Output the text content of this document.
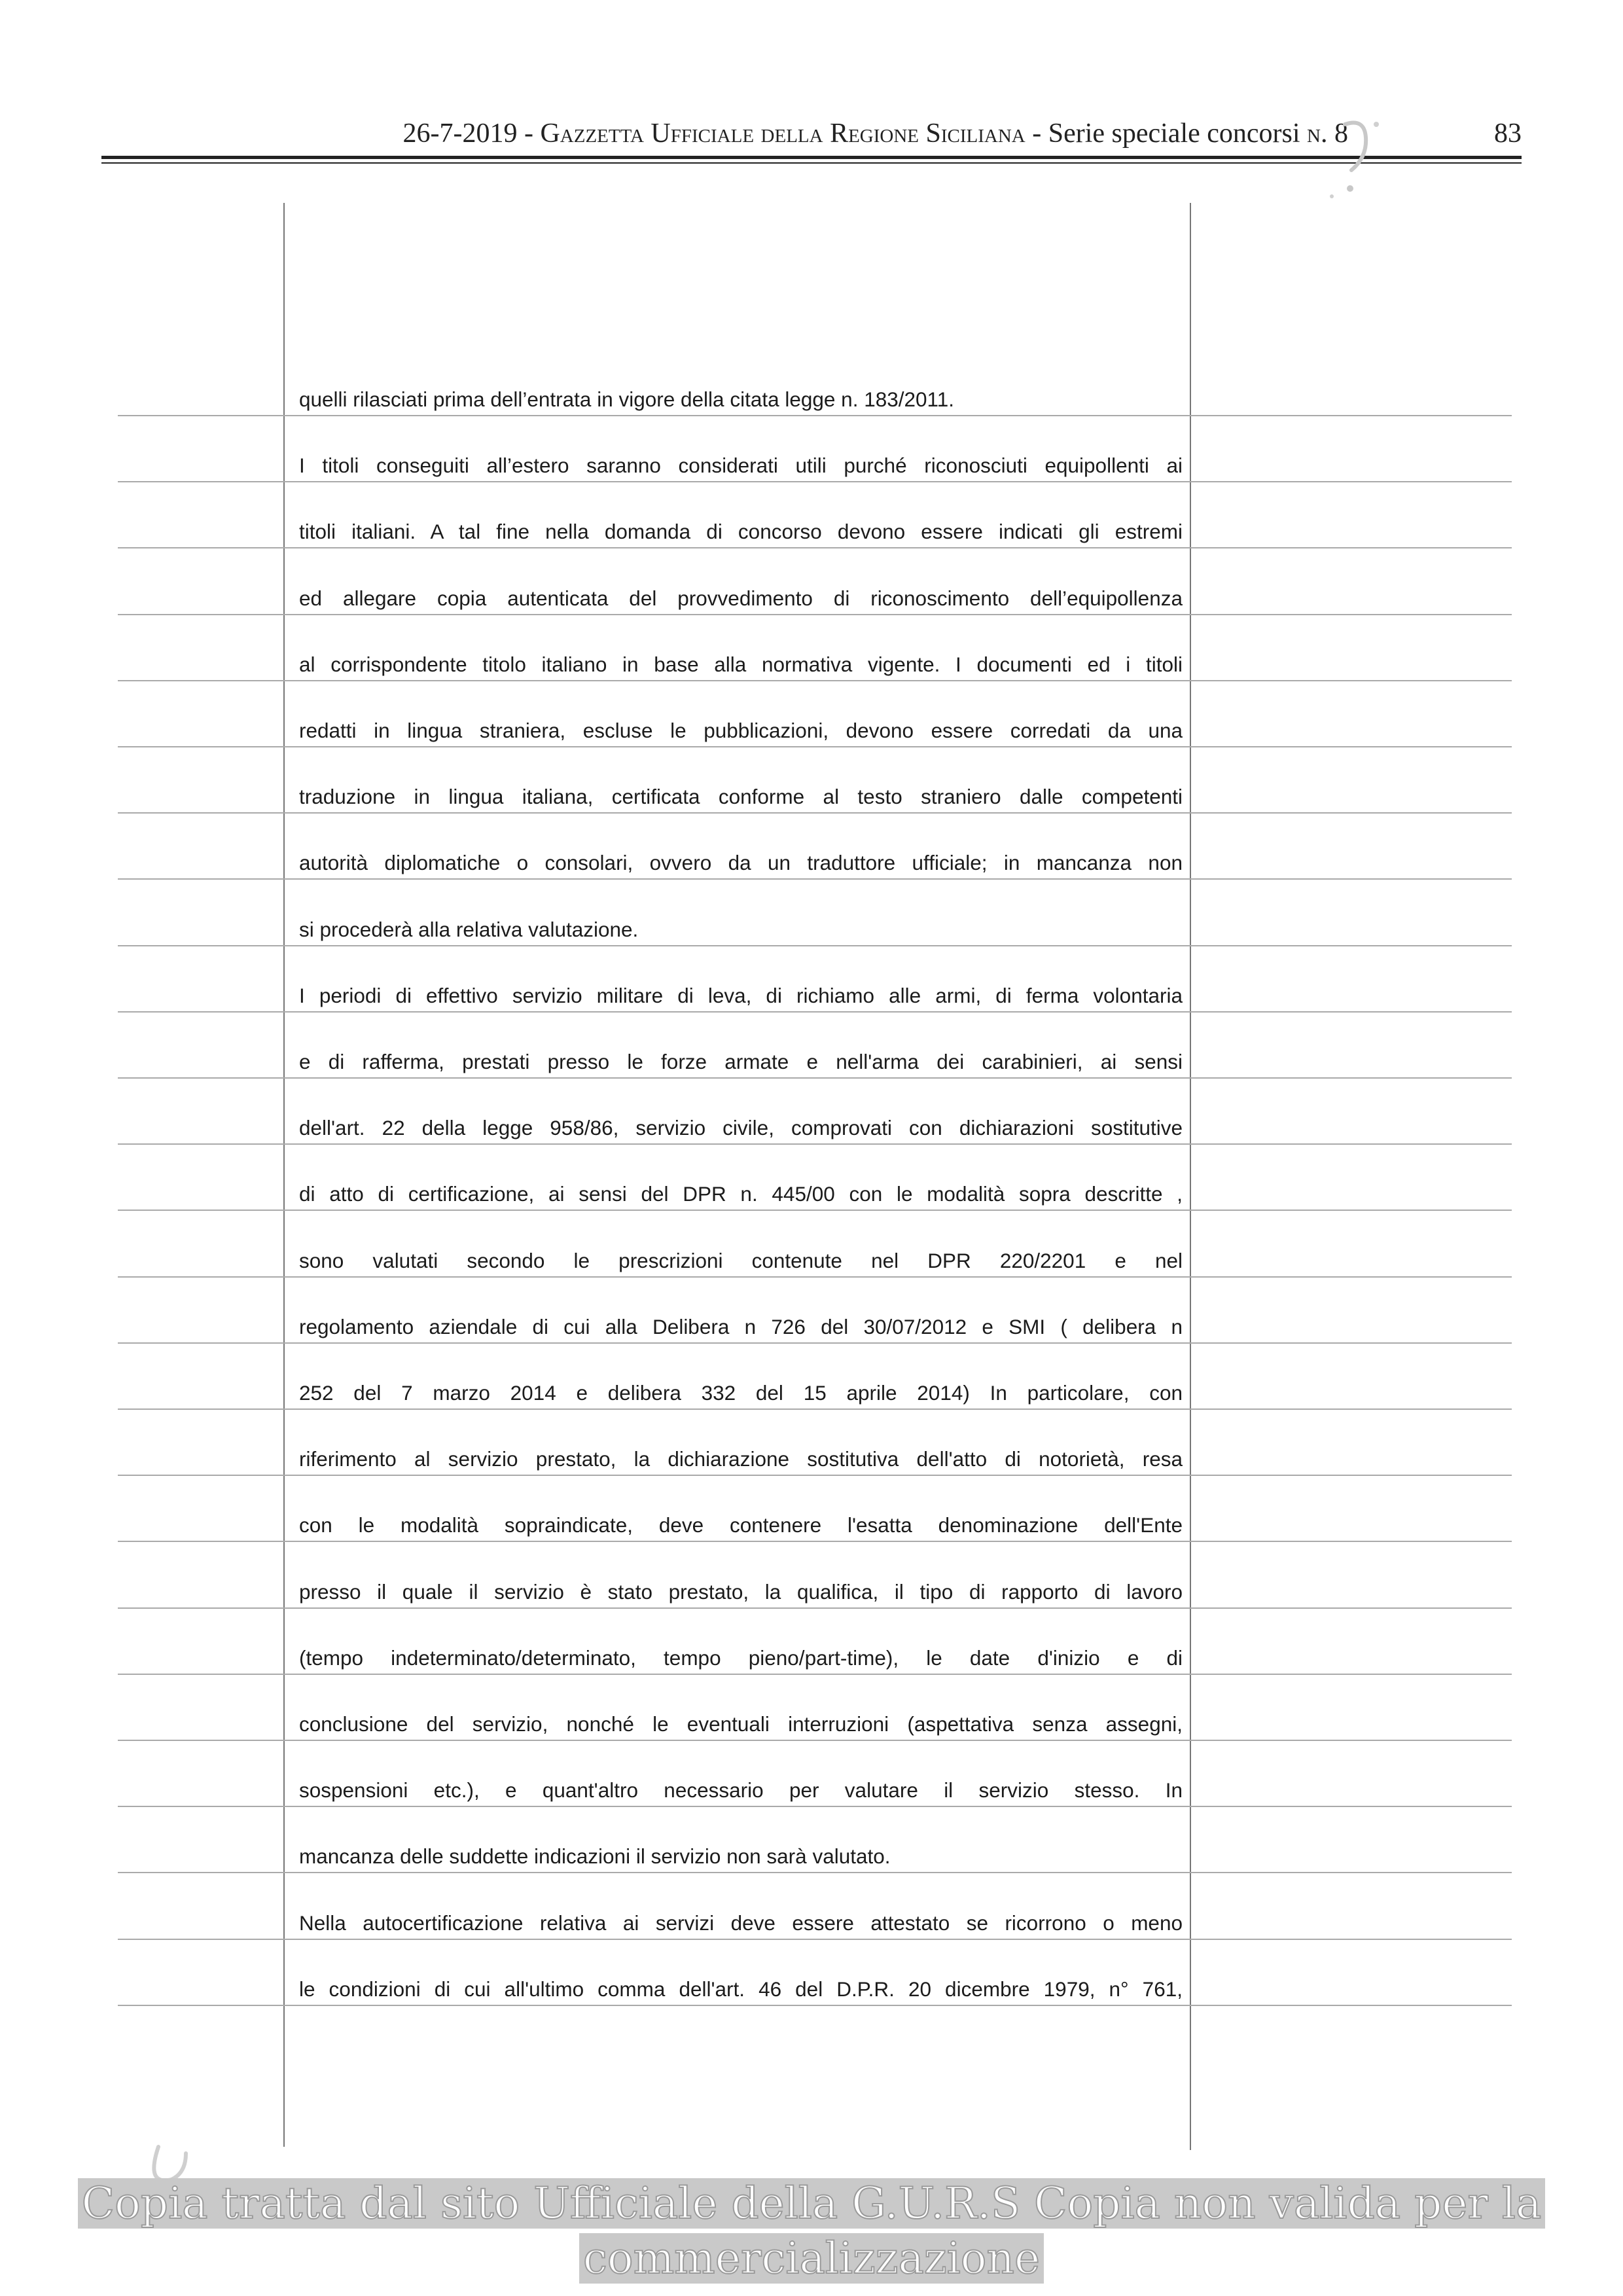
26-7-2019 - Gazzetta Ufficiale della Regione Siciliana - Serie speciale concorsi n. 8	83
quelli rilasciati prima dell’entrata in vigore della citata legge n. 183/2011.
I titoli conseguiti all’estero saranno considerati utili purché riconosciuti equipollenti ai
titoli italiani. A tal fine nella domanda di concorso devono essere indicati gli estremi
ed allegare copia autenticata del provvedimento di riconoscimento dell’equipollenza
al corrispondente titolo italiano in base alla normativa vigente. I documenti ed i titoli
redatti in lingua straniera, escluse le pubblicazioni, devono essere corredati da una
traduzione in lingua italiana, certificata conforme al testo straniero dalle competenti
autorità diplomatiche o consolari, ovvero da un traduttore ufficiale; in mancanza non
si procederà alla relativa valutazione.
I periodi di effettivo servizio militare di leva, di richiamo alle armi, di ferma volontaria
e di rafferma, prestati presso le forze armate e nell'arma dei carabinieri, ai sensi
dell'art. 22 della legge 958/86, servizio civile, comprovati con dichiarazioni sostitutive
di atto di certificazione, ai sensi del DPR n. 445/00 con le modalità sopra descritte ,
sono valutati secondo le prescrizioni contenute nel DPR 220/2201 e nel
regolamento aziendale di cui alla Delibera n 726 del 30/07/2012 e SMI ( delibera n
252 del 7 marzo 2014 e delibera 332 del 15 aprile 2014) In particolare, con
riferimento al servizio prestato, la dichiarazione sostitutiva dell'atto di notorietà, resa
con le modalità sopraindicate, deve contenere l'esatta denominazione dell'Ente
presso il quale il servizio è stato prestato, la qualifica, il tipo di rapporto di lavoro
(tempo indeterminato/determinato, tempo pieno/part-time), le date d'inizio e di
conclusione del servizio, nonché le eventuali interruzioni (aspettativa senza assegni,
sospensioni etc.), e quant'altro necessario per valutare il servizio stesso. In
mancanza delle suddette indicazioni il servizio non sarà valutato.
Nella autocertificazione relativa ai servizi deve essere attestato se ricorrono o meno
le condizioni di cui all'ultimo comma dell'art. 46 del D.P.R. 20 dicembre 1979, n° 761,
Copia tratta dal sito Ufficiale della G.U.R.S Copia non valida per la
commercializzazione
